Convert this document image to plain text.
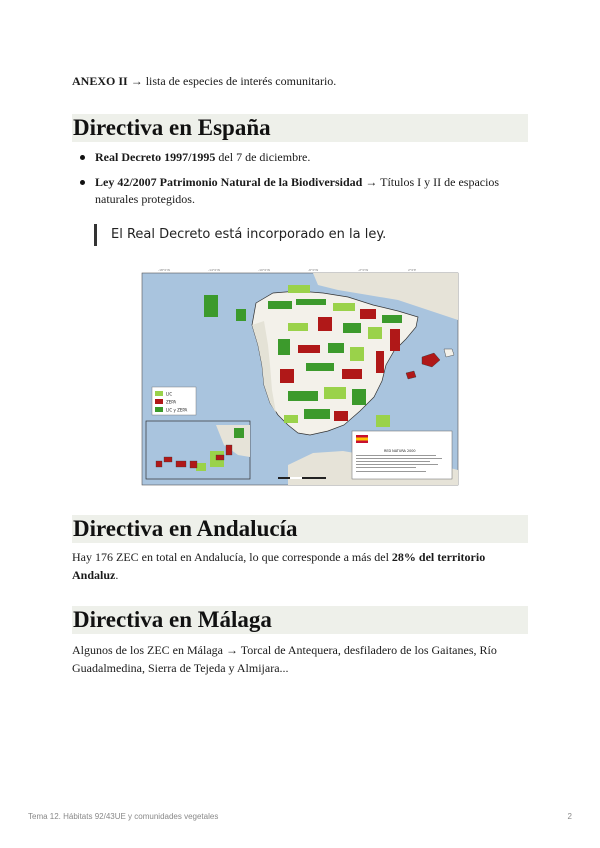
ANEXO II → lista de especies de interés comunitario.

Directiva en España
Real Decreto 1997/1995 del 7 de diciembre.
Ley 42/2007 Patrimonio Natural de la Biodiversidad → Títulos I y II de espacios naturales protegidos.
El Real Decreto está incorporado en la ley.
-18°0'W	-14°0'W	-10°0'W	-6°0'W	-2°0'W	2°0'E
LIC
ZEPA
LIC y ZEPA
RED NATURA 2000
Directiva en Andalucía

Hay 176 ZEC en total en Andalucía, lo que corresponde a más del 28% del territorio Andaluz.

Directiva en Málaga

Algunos de los ZEC en Málaga → Torcal de Antequera, desfiladero de los Gaitanes, Río Guadalmedina, Sierra de Tejeda y Almijara...

Tema 12. Hábitats 92/43UE y comunidades vegetales	2
